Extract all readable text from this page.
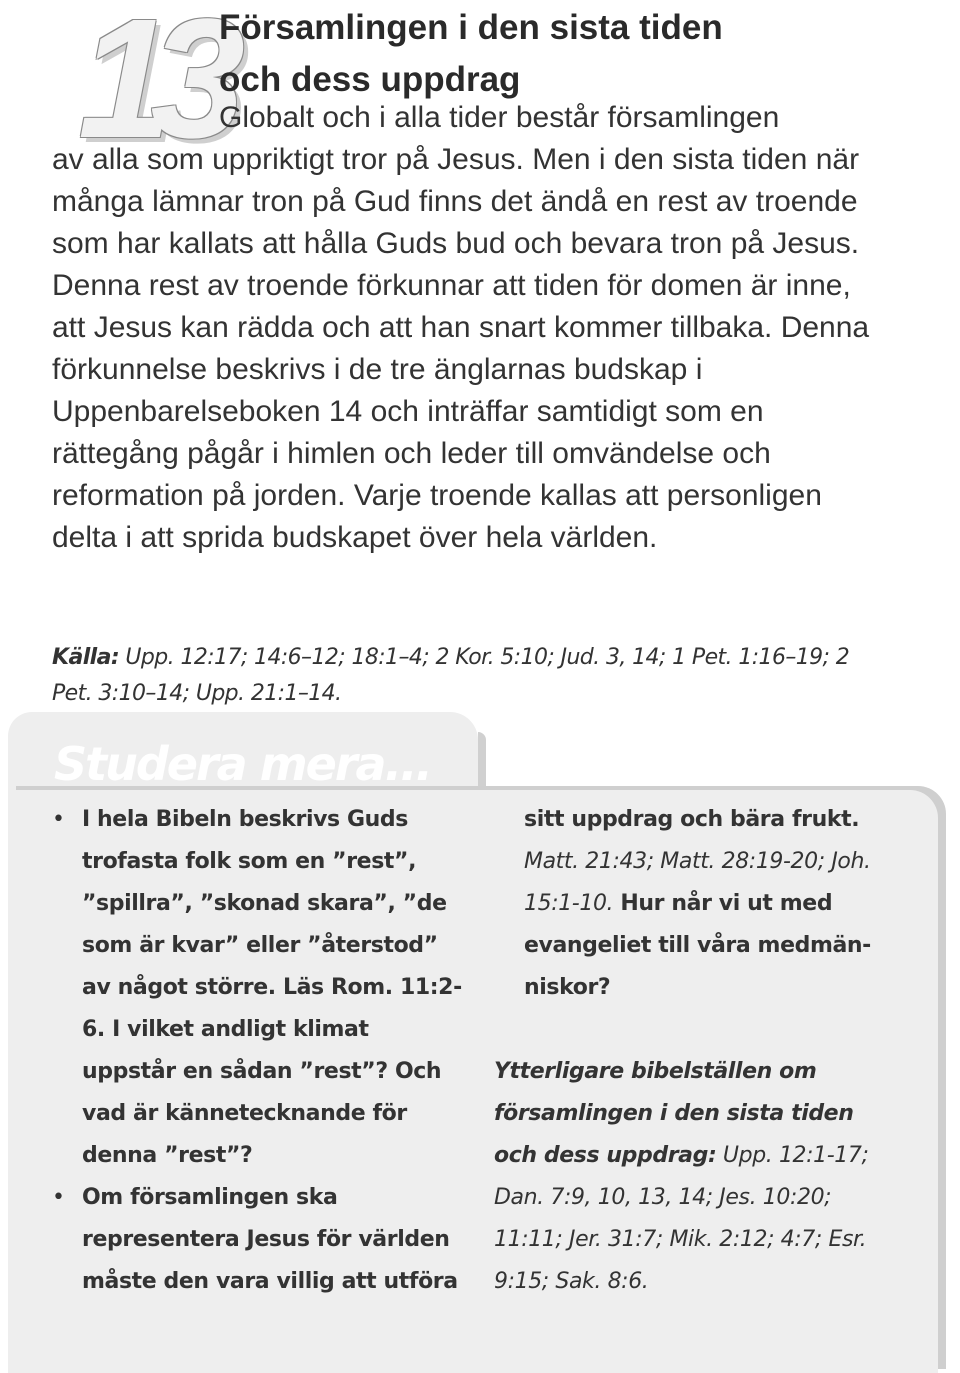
13
Församlingen i den sista tiden
och dess uppdrag
Globalt och i alla tider består församlingen
av alla som uppriktigt tror på Jesus. Men i den sista tiden när många lämnar tron på Gud finns det ändå en rest av troende som har kallats att hålla Guds bud och bevara tron på Jesus. Denna rest av troende förkunnar att tiden för domen är inne, att Jesus kan rädda och att han snart kommer tillbaka. Denna förkunnelse beskrivs i de tre änglarnas budskap i Uppenbarelseboken 14 och inträffar samtidigt som en rättegång pågår i himlen och leder till omvändelse och reformation på jorden. Varje troende kallas att personligen delta i att sprida budskapet över hela världen.
Källa: Upp. 12:17; 14:6–12; 18:1–4; 2 Kor. 5:10; Jud. 3, 14; 1 Pet. 1:16–19; 2 Pet. 3:10–14; Upp. 21:1–14.
Studera mera...
• I hela Bibeln beskrivs Guds trofasta folk som en ”rest”, ”spillra”, ”skonad skara”, ”de som är kvar” eller ”återstod” av något större. Läs Rom. 11:2-6. I vilket andligt klimat uppstår en sådan ”rest”? Och vad är kännetecknande för denna ”rest”?
• Om församlingen ska representera Jesus för världen måste den vara villig att utföra
sitt uppdrag och bära frukt. Matt. 21:43; Matt. 28:19-20; Joh. 15:1-10. Hur når vi ut med evangeliet till våra medmän-niskor?
Ytterligare bibelställen om församlingen i den sista tiden och dess uppdrag: Upp. 12:1-17; Dan. 7:9, 10, 13, 14; Jes. 10:20; 11:11; Jer. 31:7; Mik. 2:12; 4:7; Esr. 9:15; Sak. 8:6.
